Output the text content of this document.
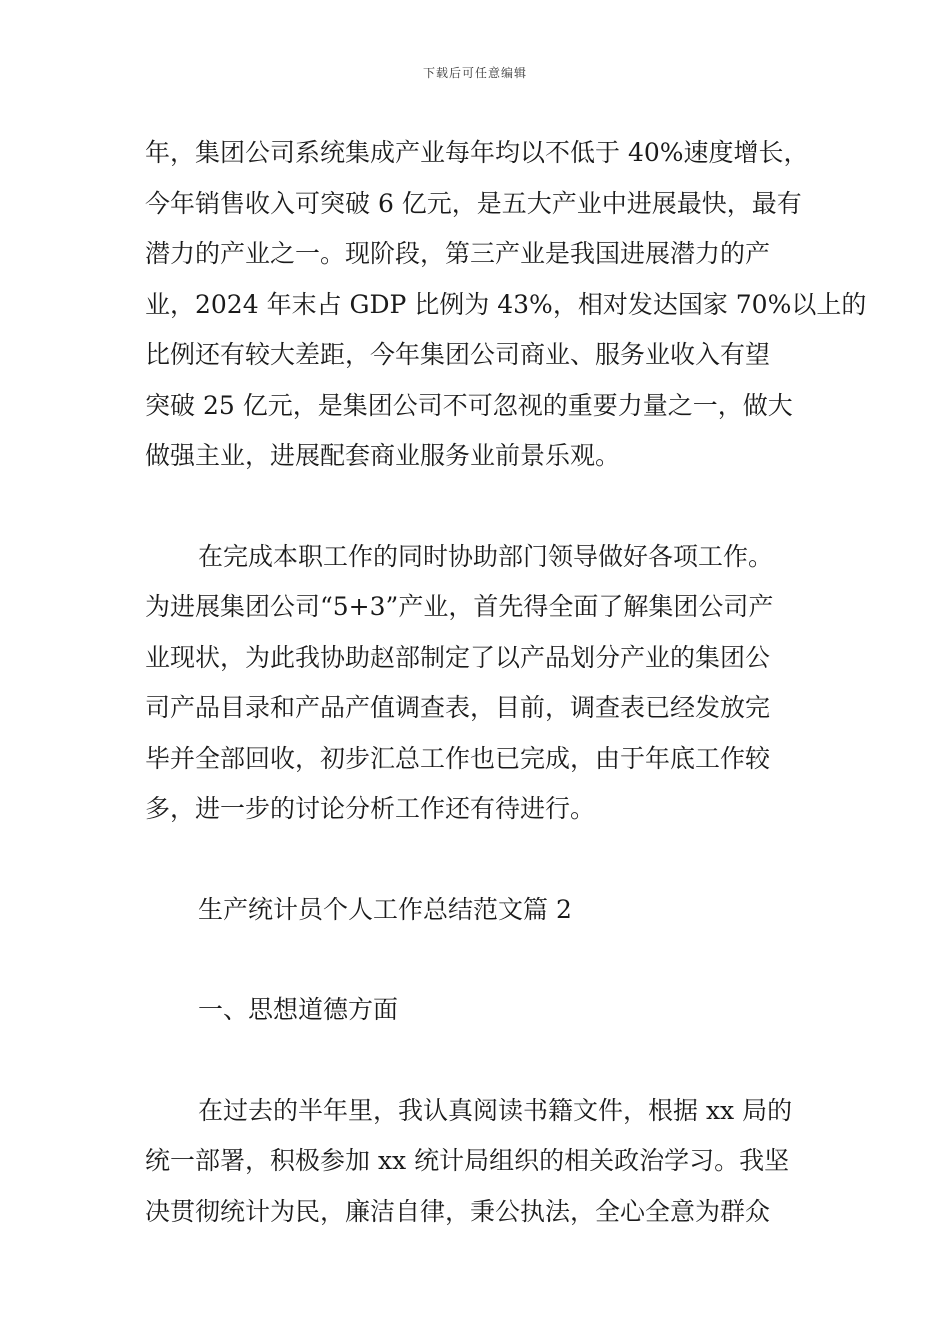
下载后可任意编辑
年，集团公司系统集成产业每年均以不低于 40%速度增长，
今年销售收入可突破 6 亿元，是五大产业中进展最快，最有
潜力的产业之一。现阶段，第三产业是我国进展潜力的产
业，2024 年末占 GDP 比例为 43%，相对发达国家 70%以上的
比例还有较大差距，今年集团公司商业、服务业收入有望
突破 25 亿元，是集团公司不可忽视的重要力量之一，做大
做强主业，进展配套商业服务业前景乐观。
在完成本职工作的同时协助部门领导做好各项工作。
为进展集团公司“5+3”产业，首先得全面了解集团公司产
业现状，为此我协助赵部制定了以产品划分产业的集团公
司产品目录和产品产值调查表，目前，调查表已经发放完
毕并全部回收，初步汇总工作也已完成，由于年底工作较
多，进一步的讨论分析工作还有待进行。

生产统计员个人工作总结范文篇 2

一、思想道德方面

在过去的半年里，我认真阅读书籍文件，根据 xx 局的
统一部署，积极参加 xx 统计局组织的相关政治学习。我坚
决贯彻统计为民，廉洁自律，秉公执法，全心全意为群众
